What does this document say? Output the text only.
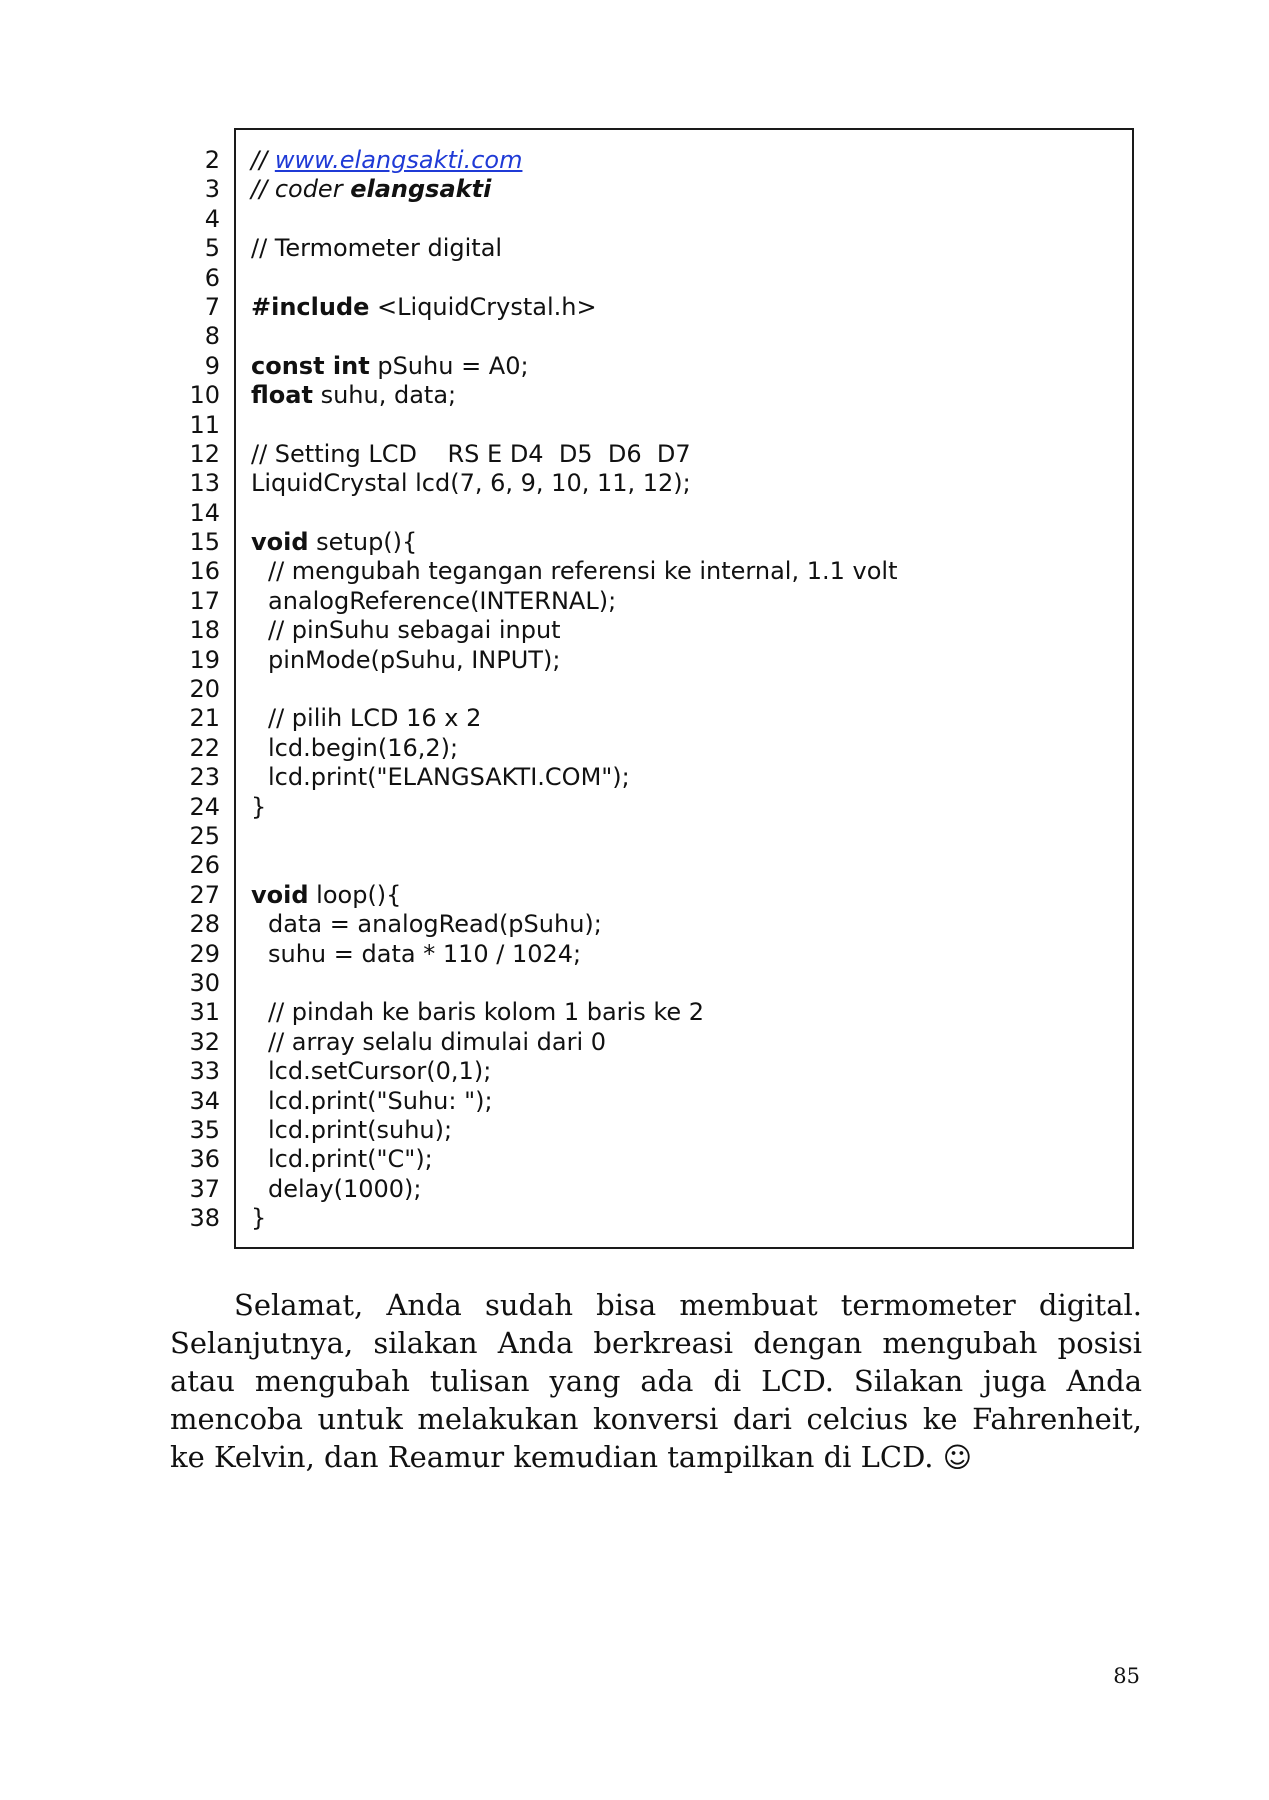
2
3
4
5
6
7
8
9
10
11
12
13
14
15
16
17
18
19
20
21
22
23
24
25
26
27
28
29
30
31
32
33
34
35
36
37
38
// www.elangsakti.com
// coder elangsakti
// Termometer digital
#include <LiquidCrystal.h>
const int pSuhu = A0;
float suhu, data;
// Setting LCD    RS E D4  D5  D6  D7
LiquidCrystal lcd(7, 6, 9, 10, 11, 12);
void setup(){
// mengubah tegangan referensi ke internal, 1.1 volt
analogReference(INTERNAL);
// pinSuhu sebagai input
pinMode(pSuhu, INPUT);
// pilih LCD 16 x 2
lcd.begin(16,2);
lcd.print("ELANGSAKTI.COM");
}
void loop(){
data = analogRead(pSuhu);
suhu = data * 110 / 1024;
// pindah ke baris kolom 1 baris ke 2
// array selalu dimulai dari 0
lcd.setCursor(0,1);
lcd.print("Suhu: ");
lcd.print(suhu);
lcd.print("C");
delay(1000);
}

Selamat, Anda sudah bisa membuat termometer digital. Selanjutnya, silakan Anda berkreasi dengan mengubah posisi atau mengubah tulisan yang ada di LCD. Silakan juga Anda mencoba untuk melakukan konversi dari celcius ke Fahrenheit, ke Kelvin, dan Reamur kemudian tampilkan di LCD. ☺

85
